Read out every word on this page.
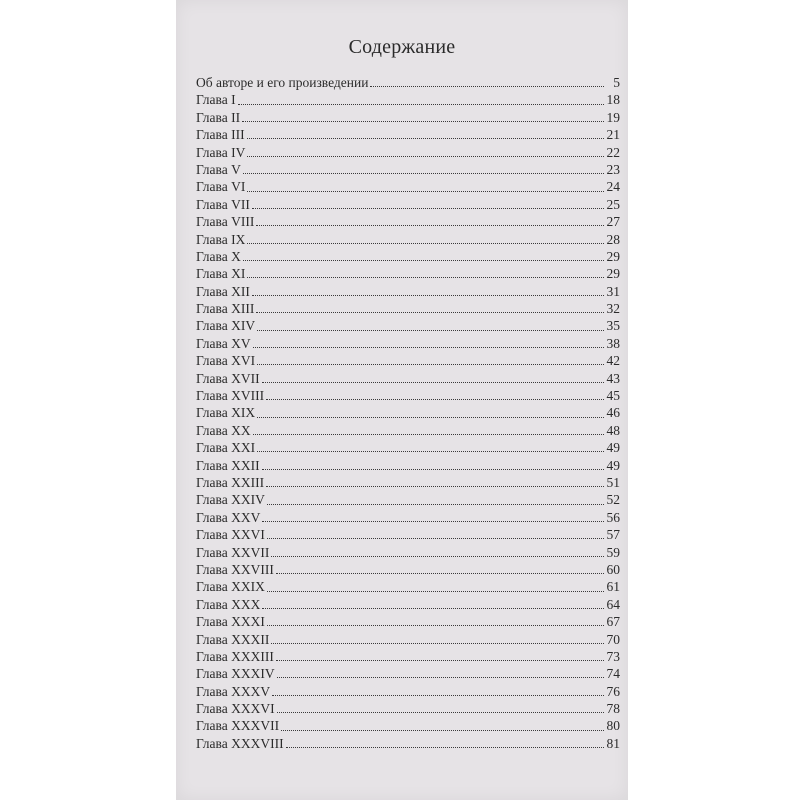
Содержание
Об авторе и его произведении	5
Глава I	18
Глава II	19
Глава III	21
Глава IV	22
Глава V	23
Глава VI	24
Глава VII	25
Глава VIII	27
Глава IX	28
Глава X	29
Глава XI	29
Глава XII	31
Глава XIII	32
Глава XIV	35
Глава XV	38
Глава XVI	42
Глава XVII	43
Глава XVIII	45
Глава XIX	46
Глава XX	48
Глава XXI	49
Глава XXII	49
Глава XXIII	51
Глава XXIV	52
Глава XXV	56
Глава XXVI	57
Глава XXVII	59
Глава XXVIII	60
Глава XXIX	61
Глава XXX	64
Глава XXXI	67
Глава XXXII	70
Глава XXXIII	73
Глава XXXIV	74
Глава XXXV	76
Глава XXXVI	78
Глава XXXVII	80
Глава XXXVIII	81
